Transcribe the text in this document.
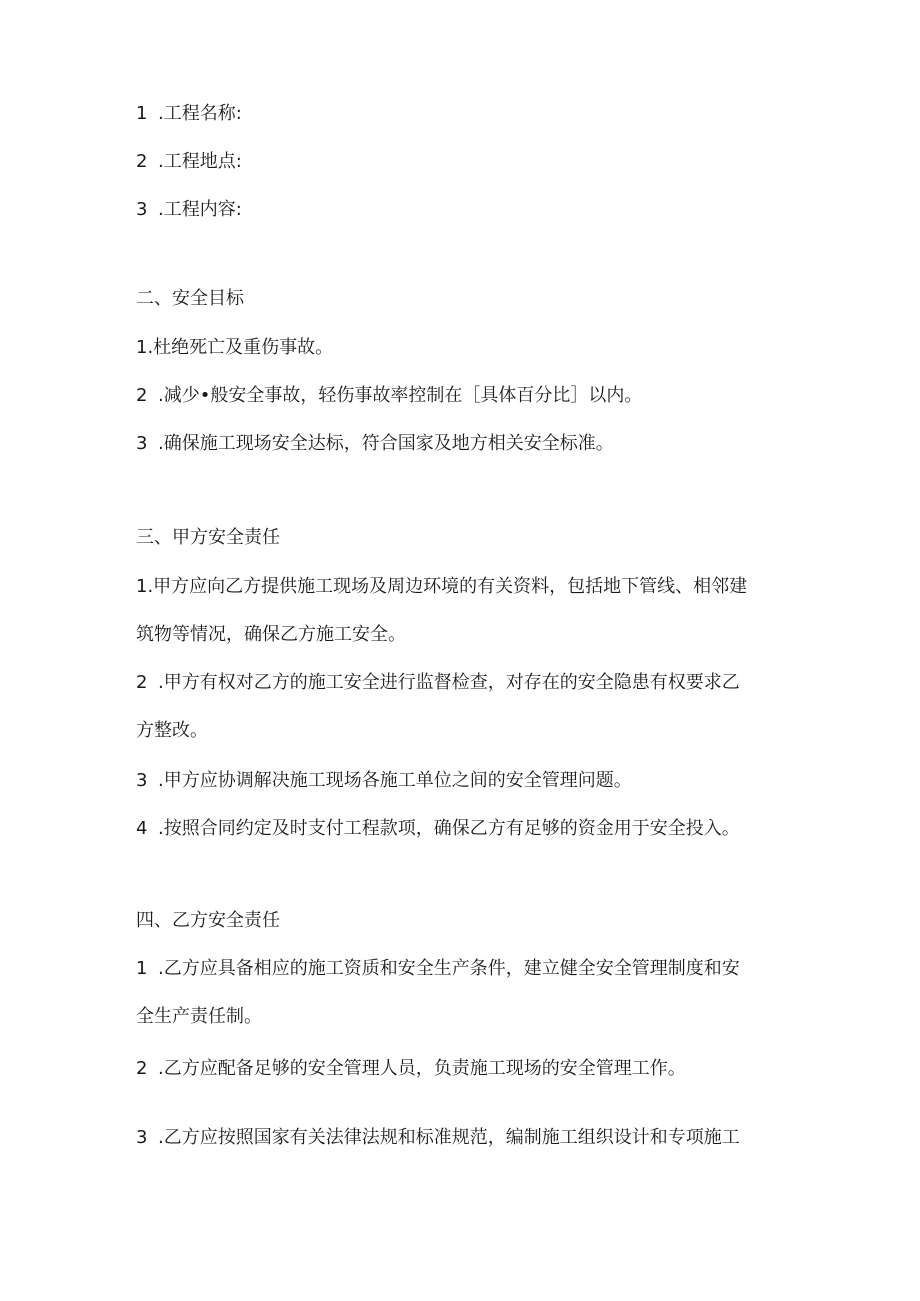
1 .工程名称:
2 .工程地点:
3 .工程内容:
二、安全目标
1.杜绝死亡及重伤事故。
2 .减少•般安全事故，轻伤事故率控制在［具体百分比］以内。
3 .确保施工现场安全达标，符合国家及地方相关安全标准。
三、甲方安全责任
1.甲方应向乙方提供施工现场及周边环境的有关资料，包括地下管线、相邻建
筑物等情况，确保乙方施工安全。
2 .甲方有权对乙方的施工安全进行监督检查，对存在的安全隐患有权要求乙
方整改。
3 .甲方应协调解决施工现场各施工单位之间的安全管理问题。
4 .按照合同约定及时支付工程款项，确保乙方有足够的资金用于安全投入。
四、乙方安全责任
1 .乙方应具备相应的施工资质和安全生产条件，建立健全安全管理制度和安
全生产责任制。
2 .乙方应配备足够的安全管理人员，负责施工现场的安全管理工作。
3 .乙方应按照国家有关法律法规和标准规范，编制施工组织设计和专项施工
